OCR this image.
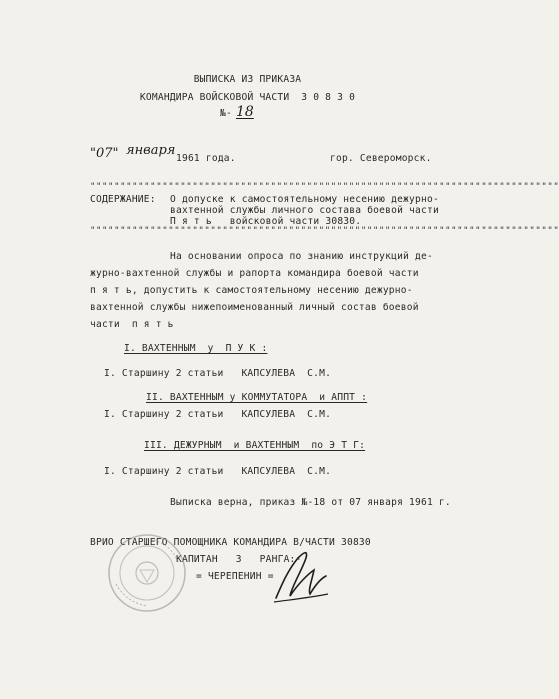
ВЫПИСКА ИЗ ПРИКАЗА
КОМАНДИРА ВОЙСКОВОЙ ЧАСТИ  3 0 8 3 0
№- 18
"07" января
1961 года.	гор. Североморск.
""""""""""""""""""""""""""""""""""""""""""""""""""""""""""""""""""""""""""""""
СОДЕРЖАНИЕ: О допуске к самостоятельному несению дежурно-
вахтенной службы личного состава боевой части
П я т ь   войсковой части 30830.
""""""""""""""""""""""""""""""""""""""""""""""""""""""""""""""""""""""""""""""
На основании опроса по знанию инструкций де-
журно-вахтенной службы и рапорта командира боевой части
п я т ь, допустить к самостоятельному несению дежурно-
вахтенной службы нижепоименованный личный состав боевой
части  п я т ь
I. ВАХТЕННЫМ  у  П У К :
I. Старшину 2 статьи   КАПСУЛЕВА  С.М.
II. ВАХТЕННЫМ у КОММУТАТОРА  и АППТ :
I. Старшину 2 статьи   КАПСУЛЕВА  С.М.
III. ДЕЖУРНЫМ  и ВАХТЕННЫМ  по Э Т Г:
I. Старшину 2 статьи   КАПСУЛЕВА  С.М.
Выписка верна, приказ №-18 от 07 января 1961 г.
ВРИО СТАРШЕГО ПОМОЩНИКА КОМАНДИРА В/ЧАСТИ 30830
КАПИТАН   3   РАНГА:-
= ЧЕРЕПЕНИН =
